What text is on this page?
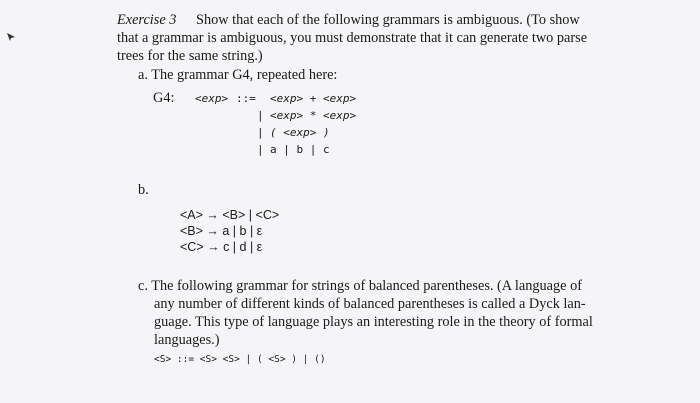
Exercise 3 Show that each of the following grammars is ambiguous. (To show
that a grammar is ambiguous, you must demonstrate that it can generate two parse
trees for the same string.)
a. The grammar G4, repeated here:
G4: <exp> ::= <exp> + <exp>
| <exp> * <exp>
| ( <exp> )
| a | b | c
b.
<A> → <B> | <C>
<B> → a | b | ε
<C> → c | d | ε
c. The following grammar for strings of balanced parentheses. (A language of
any number of different kinds of balanced parentheses is called a Dyck lan-
guage. This type of language plays an interesting role in the theory of formal
languages.)
<S> ::= <S> <S> | ( <S> ) | ()
